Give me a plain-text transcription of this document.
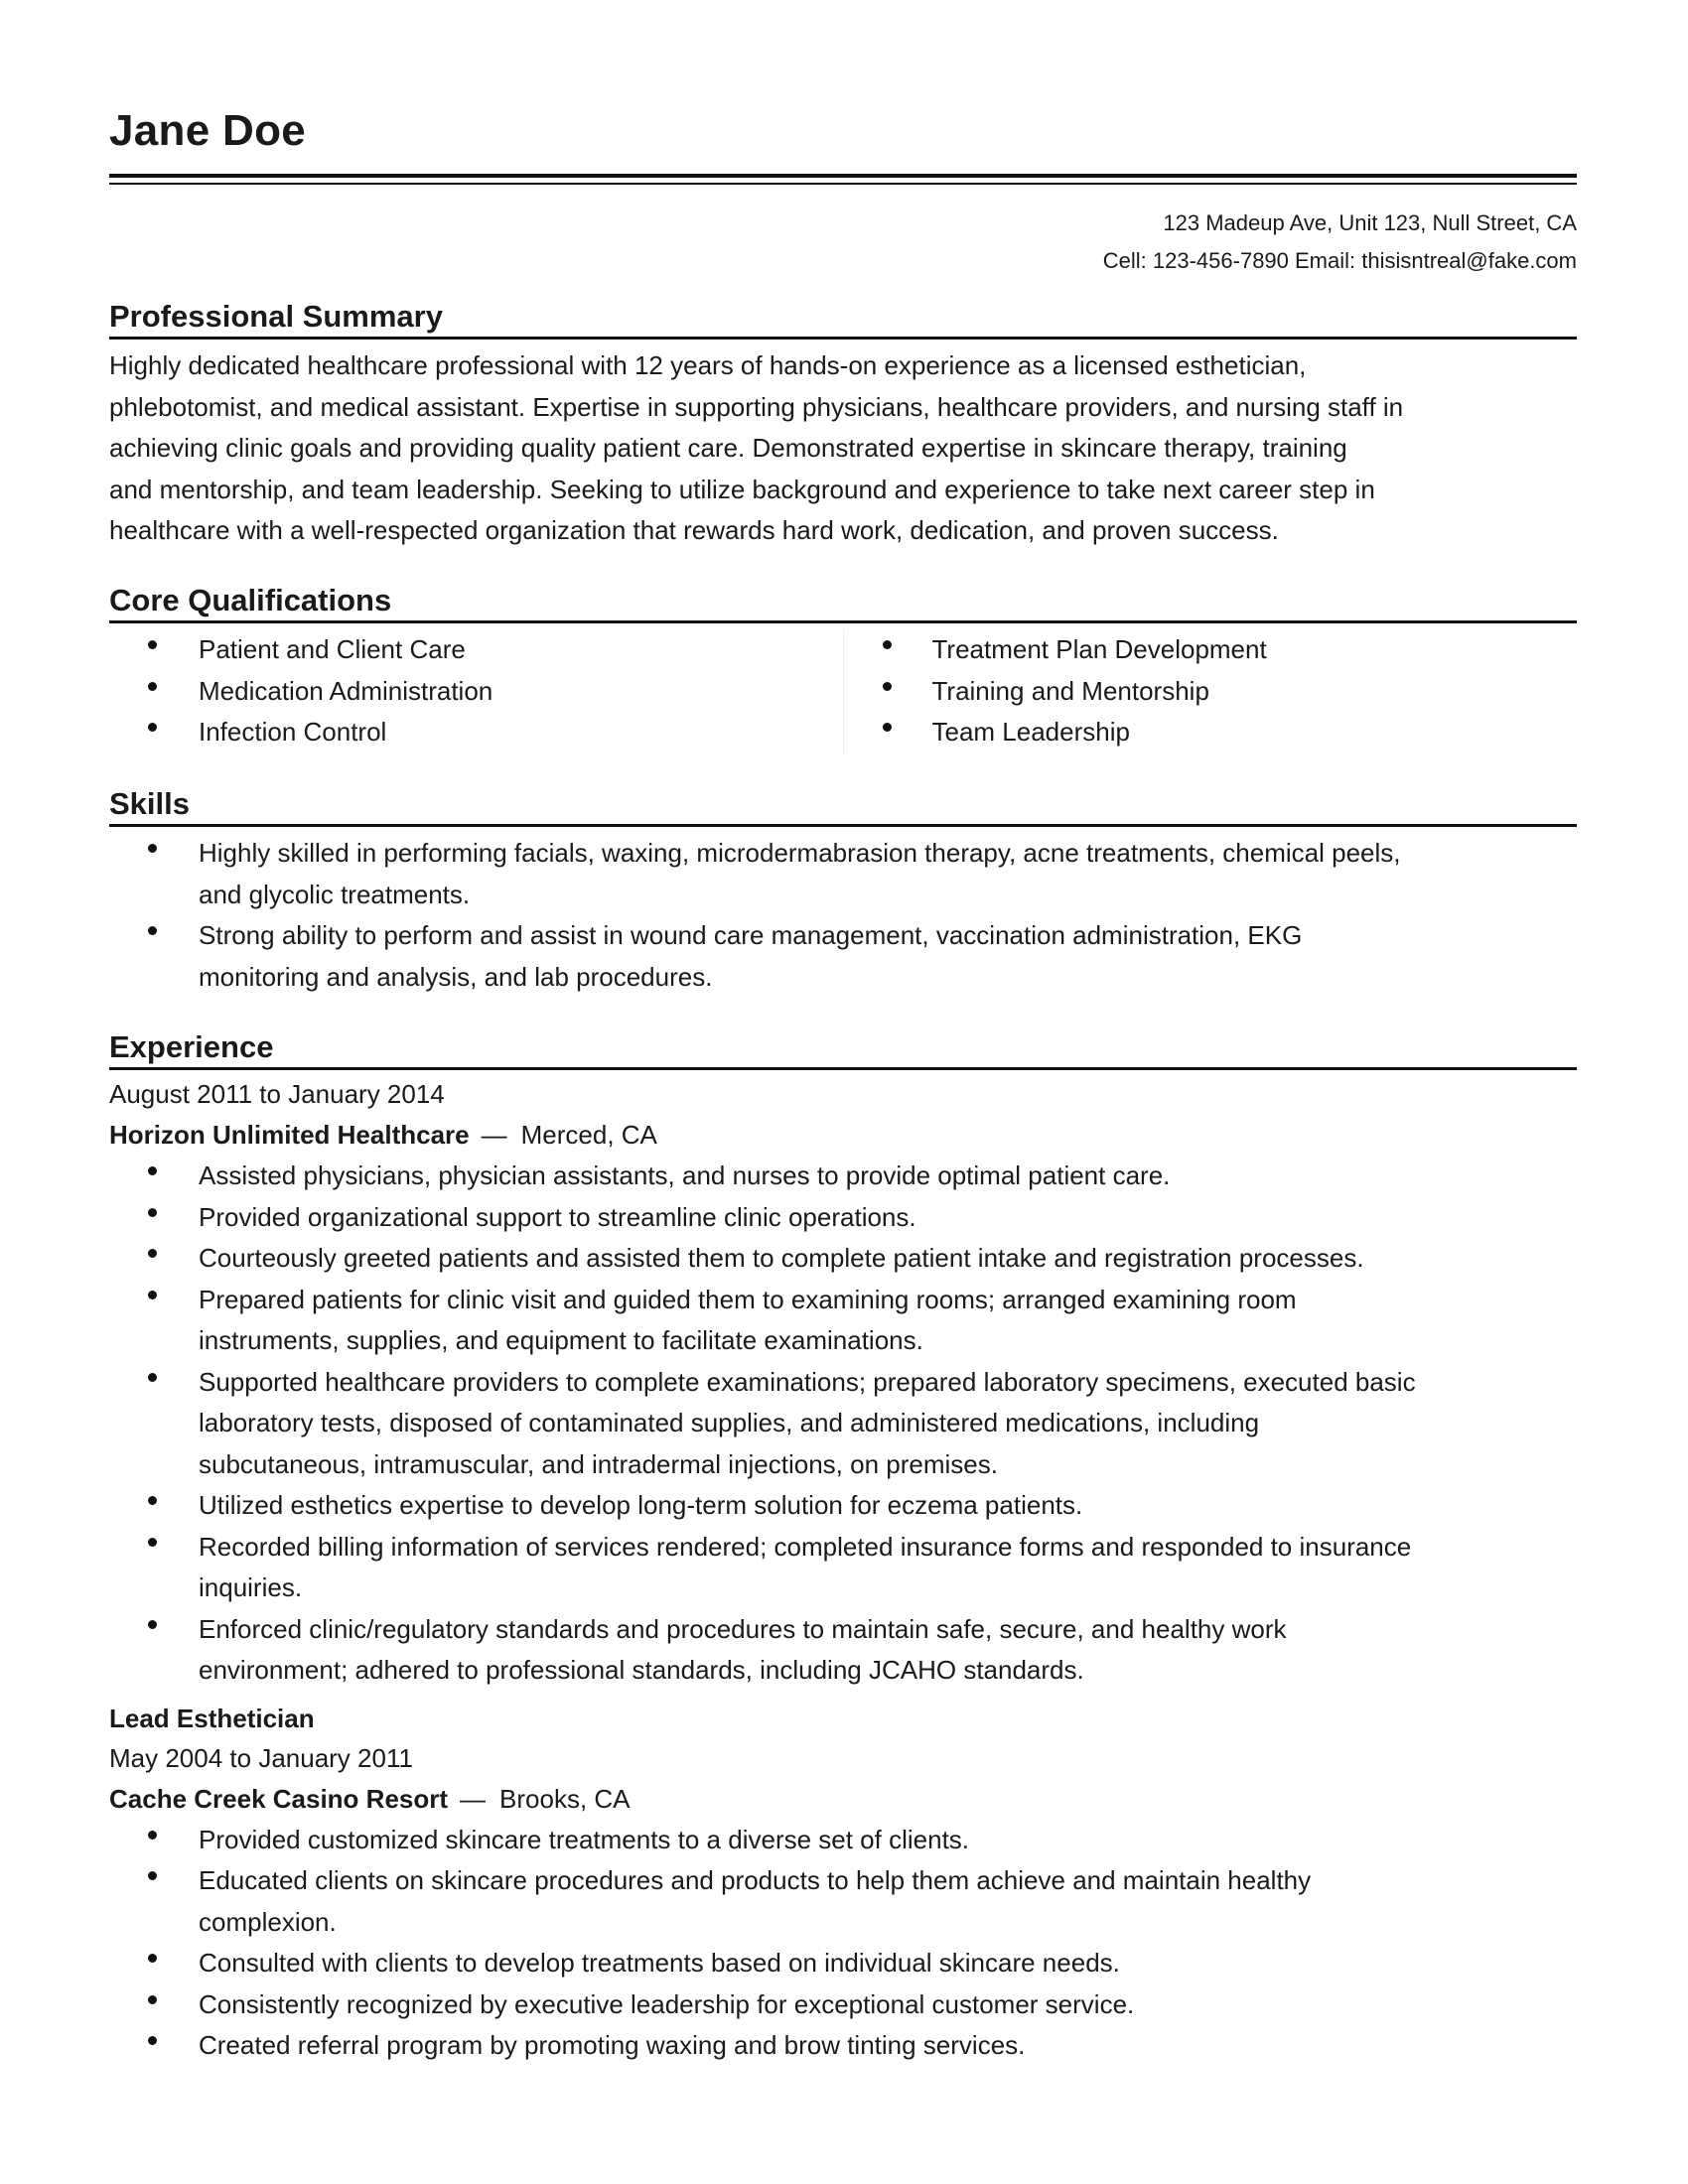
Jane Doe
123 Madeup Ave, Unit 123, Null Street, CA
Cell: 123-456-7890 Email: thisisntreal@fake.com
Professional Summary
Highly dedicated healthcare professional with 12 years of hands-on experience as a licensed esthetician,
phlebotomist, and medical assistant. Expertise in supporting physicians, healthcare providers, and nursing staff in
achieving clinic goals and providing quality patient care. Demonstrated expertise in skincare therapy, training
and mentorship, and team leadership. Seeking to utilize background and experience to take next career step in
healthcare with a well-respected organization that rewards hard work, dedication, and proven success.
Core Qualifications
Patient and Client Care
Medication Administration
Infection Control
Treatment Plan Development
Training and Mentorship
Team Leadership
Skills
Highly skilled in performing facials, waxing, microdermabrasion therapy, acne treatments, chemical peels,
and glycolic treatments.
Strong ability to perform and assist in wound care management, vaccination administration, EKG
monitoring and analysis, and lab procedures.
Experience
August 2011 to January 2014
Horizon Unlimited Healthcare — Merced, CA
Assisted physicians, physician assistants, and nurses to provide optimal patient care.
Provided organizational support to streamline clinic operations.
Courteously greeted patients and assisted them to complete patient intake and registration processes.
Prepared patients for clinic visit and guided them to examining rooms; arranged examining room
instruments, supplies, and equipment to facilitate examinations.
Supported healthcare providers to complete examinations; prepared laboratory specimens, executed basic
laboratory tests, disposed of contaminated supplies, and administered medications, including
subcutaneous, intramuscular, and intradermal injections, on premises.
Utilized esthetics expertise to develop long-term solution for eczema patients.
Recorded billing information of services rendered; completed insurance forms and responded to insurance
inquiries.
Enforced clinic/regulatory standards and procedures to maintain safe, secure, and healthy work
environment; adhered to professional standards, including JCAHO standards.
Lead Esthetician
May 2004 to January 2011
Cache Creek Casino Resort — Brooks, CA
Provided customized skincare treatments to a diverse set of clients.
Educated clients on skincare procedures and products to help them achieve and maintain healthy
complexion.
Consulted with clients to develop treatments based on individual skincare needs.
Consistently recognized by executive leadership for exceptional customer service.
Created referral program by promoting waxing and brow tinting services.
